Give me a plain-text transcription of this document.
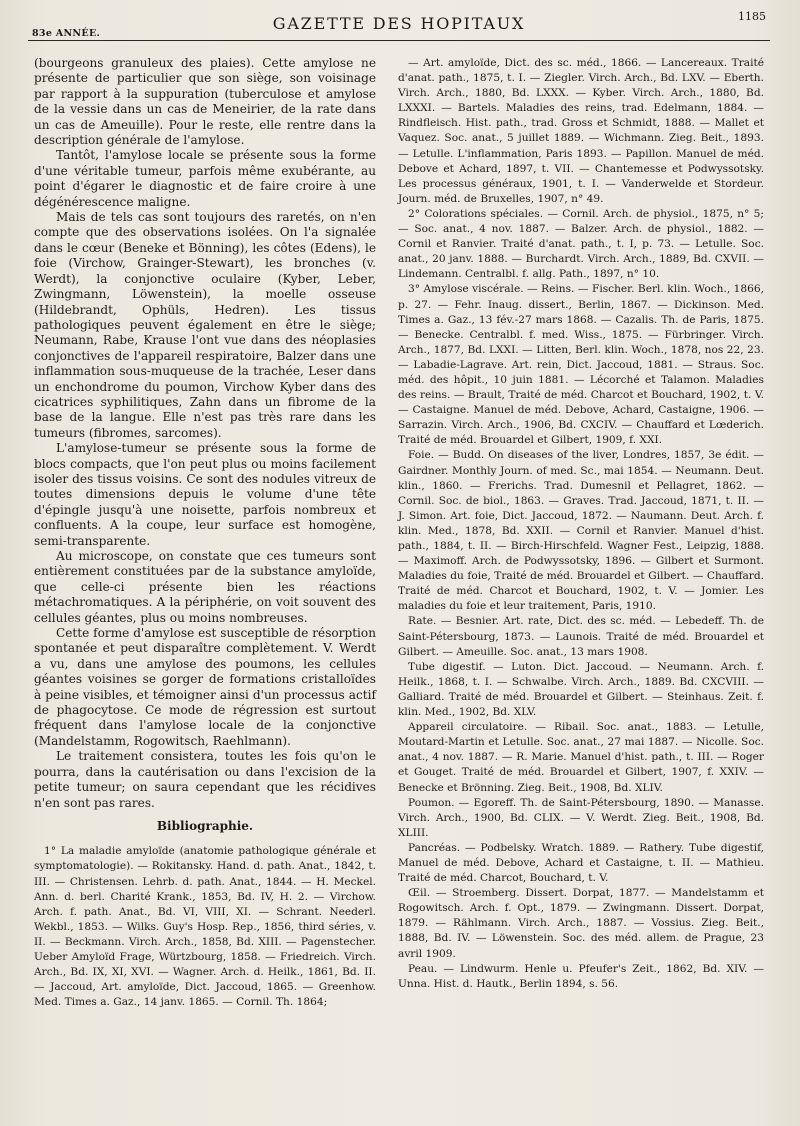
83e ANNÉE.
GAZETTE DES HOPITAUX	1185

(bourgeons granuleux des plaies). Cette amylose ne présente de particulier que son siège, son voisinage par rapport à la suppuration (tuberculose et amylose de la vessie dans un cas de Meneirier, de la rate dans un cas de Ameuille). Pour le reste, elle rentre dans la description générale de l'amylose.

Tantôt, l'amylose locale se présente sous la forme d'une véritable tumeur, parfois même exubérante, au point d'égarer le diagnostic et de faire croire à une dégénérescence maligne.

Mais de tels cas sont toujours des raretés, on n'en compte que des observations isolées. On l'a signalée dans le cœur (Beneke et Bönning), les côtes (Edens), le foie (Virchow, Grainger-Stewart), les bronches (v. Werdt), la conjonctive oculaire (Kyber, Leber, Zwingmann, Löwenstein), la moelle osseuse (Hildebrandt, Ophüls, Hedren). Les tissus pathologiques peuvent également en être le siège; Neumann, Rabe, Krause l'ont vue dans des néoplasies conjonctives de l'appareil respiratoire, Balzer dans une inflammation sous-muqueuse de la trachée, Leser dans un enchondrome du poumon, Virchow Kyber dans des cicatrices syphilitiques, Zahn dans un fibrome de la base de la langue. Elle n'est pas très rare dans les tumeurs (fibromes, sarcomes).

L'amylose-tumeur se présente sous la forme de blocs compacts, que l'on peut plus ou moins facilement isoler des tissus voisins. Ce sont des nodules vitreux de toutes dimensions depuis le volume d'une tête d'épingle jusqu'à une noisette, parfois nombreux et confluents. A la coupe, leur surface est homogène, semi-transparente.

Au microscope, on constate que ces tumeurs sont entièrement constituées par de la substance amyloïde, que celle-ci présente bien les réactions métachromatiques. A la périphérie, on voit souvent des cellules géantes, plus ou moins nombreuses.

Cette forme d'amylose est susceptible de résorption spontanée et peut disparaître complètement. V. Werdt a vu, dans une amylose des poumons, les cellules géantes voisines se gorger de formations cristalloïdes à peine visibles, et témoigner ainsi d'un processus actif de phagocytose. Ce mode de régression est surtout fréquent dans l'amylose locale de la conjonctive (Mandelstamm, Rogowitsch, Raehlmann).

Le traitement consistera, toutes les fois qu'on le pourra, dans la cautérisation ou dans l'excision de la petite tumeur; on saura cependant que les récidives n'en sont pas rares.

Bibliographie.

1° La maladie amyloïde (anatomie pathologique générale et symptomatologie). — Rokitansky. Hand. d. path. Anat., 1842, t. III. — Christensen. Lehrb. d. path. Anat., 1844. — H. Meckel. Ann. d. berl. Charité Krank., 1853, Bd. IV, H. 2. — Virchow. Arch. f. path. Anat., Bd. VI, VIII, XI. — Schrant. Neederl. Wekbl., 1853. — Wilks. Guy's Hosp. Rep., 1856, third séries, v. II. — Beckmann. Virch. Arch., 1858, Bd. XIII. — Pagenstecher. Ueber Amyloïd Frage, Würtzbourg, 1858. — Friedreich. Virch. Arch., Bd. IX, XI, XVI. — Wagner. Arch. d. Heilk., 1861, Bd. II. — Jaccoud, Art. amyloïde, Dict. Jaccoud, 1865. — Greenhow. Med. Times a. Gaz., 14 janv. 1865. — Cornil. Th. 1864;

— Art. amyloïde, Dict. des sc. méd., 1866. — Lancereaux. Traité d'anat. path., 1875, t. I. — Ziegler. Virch. Arch., Bd. LXV. — Eberth. Virch. Arch., 1880, Bd. LXXX. — Kyber. Virch. Arch., 1880, Bd. LXXXI. — Bartels. Maladies des reins, trad. Edelmann, 1884. — Rindfleisch. Hist. path., trad. Gross et Schmidt, 1888. — Mallet et Vaquez. Soc. anat., 5 juillet 1889. — Wichmann. Zieg. Beit., 1893. — Letulle. L'inflammation, Paris 1893. — Papillon. Manuel de méd. Debove et Achard, 1897, t. VII. — Chantemesse et Podwyssotsky. Les processus généraux, 1901, t. I. — Vanderwelde et Stordeur. Journ. méd. de Bruxelles, 1907, n° 49.

2° Colorations spéciales. — Cornil. Arch. de physiol., 1875, n° 5; — Soc. anat., 4 nov. 1887. — Balzer. Arch. de physiol., 1882. — Cornil et Ranvier. Traité d'anat. path., t. I, p. 73. — Letulle. Soc. anat., 20 janv. 1888. — Burchardt. Virch. Arch., 1889, Bd. CXVII. — Lindemann. Centralbl. f. allg. Path., 1897, n° 10.

3° Amylose viscérale. — Reins. — Fischer. Berl. klin. Woch., 1866, p. 27. — Fehr. Inaug. dissert., Berlin, 1867. — Dickinson. Med. Times a. Gaz., 13 fév.-27 mars 1868. — Cazalis. Th. de Paris, 1875. — Benecke. Centralbl. f. med. Wiss., 1875. — Fürbringer. Virch. Arch., 1877, Bd. LXXI. — Litten, Berl. klin. Woch., 1878, nos 22, 23. — Labadie-Lagrave. Art. rein, Dict. Jaccoud, 1881. — Straus. Soc. méd. des hôpit., 10 juin 1881. — Lécorché et Talamon. Maladies des reins. — Brault, Traité de méd. Charcot et Bouchard, 1902, t. V. — Castaigne. Manuel de méd. Debove, Achard, Castaigne, 1906. — Sarrazin. Virch. Arch., 1906, Bd. CXCIV. — Chauffard et Lœderich. Traité de méd. Brouardel et Gilbert, 1909, f. XXI.

Foie. — Budd. On diseases of the liver, Londres, 1857, 3e édit. — Gairdner. Monthly Journ. of med. Sc., mai 1854. — Neumann. Deut. klin., 1860. — Frerichs. Trad. Dumesnil et Pellagret, 1862. — Cornil. Soc. de biol., 1863. — Graves. Trad. Jaccoud, 1871, t. II. — J. Simon. Art. foie, Dict. Jaccoud, 1872. — Naumann. Deut. Arch. f. klin. Med., 1878, Bd. XXII. — Cornil et Ranvier. Manuel d'hist. path., 1884, t. II. — Birch-Hirschfeld. Wagner Fest., Leipzig, 1888. — Maximoff. Arch. de Podwyssotsky, 1896. — Gilbert et Surmont. Maladies du foie, Traité de méd. Brouardel et Gilbert. — Chauffard. Traité de méd. Charcot et Bouchard, 1902, t. V. — Jomier. Les maladies du foie et leur traitement, Paris, 1910.

Rate. — Besnier. Art. rate, Dict. des sc. méd. — Lebedeff. Th. de Saint-Pétersbourg, 1873. — Launois. Traité de méd. Brouardel et Gilbert. — Ameuille. Soc. anat., 13 mars 1908.

Tube digestif. — Luton. Dict. Jaccoud. — Neumann. Arch. f. Heilk., 1868, t. I. — Schwalbe. Virch. Arch., 1889. Bd. CXCVIII. — Galliard. Traité de méd. Brouardel et Gilbert. — Steinhaus. Zeit. f. klin. Med., 1902, Bd. XLV.

Appareil circulatoire. — Ribail. Soc. anat., 1883. — Letulle, Moutard-Martin et Letulle. Soc. anat., 27 mai 1887. — Nicolle. Soc. anat., 4 nov. 1887. — R. Marie. Manuel d'hist. path., t. III. — Roger et Gouget. Traité de méd. Brouardel et Gilbert, 1907, f. XXIV. — Benecke et Brönning. Zieg. Beit., 1908, Bd. XLIV.

Poumon. — Egoreff. Th. de Saint-Pétersbourg, 1890. — Manasse. Virch. Arch., 1900, Bd. CLIX. — V. Werdt. Zieg. Beit., 1908, Bd. XLIII.

Pancréas. — Podbelsky. Wratch. 1889. — Rathery. Tube digestif, Manuel de méd. Debove, Achard et Castaigne, t. II. — Mathieu. Traité de méd. Charcot, Bouchard, t. V.

Œil. — Stroemberg. Dissert. Dorpat, 1877. — Mandelstamm et Rogowitsch. Arch. f. Opt., 1879. — Zwingmann. Dissert. Dorpat, 1879. — Rählmann. Virch. Arch., 1887. — Vossius. Zieg. Beit., 1888, Bd. IV. — Löwenstein. Soc. des méd. allem. de Prague, 23 avril 1909.

Peau. — Lindwurm. Henle u. Pfeufer's Zeit., 1862, Bd. XIV. — Unna. Hist. d. Hautk., Berlin 1894, s. 56.
